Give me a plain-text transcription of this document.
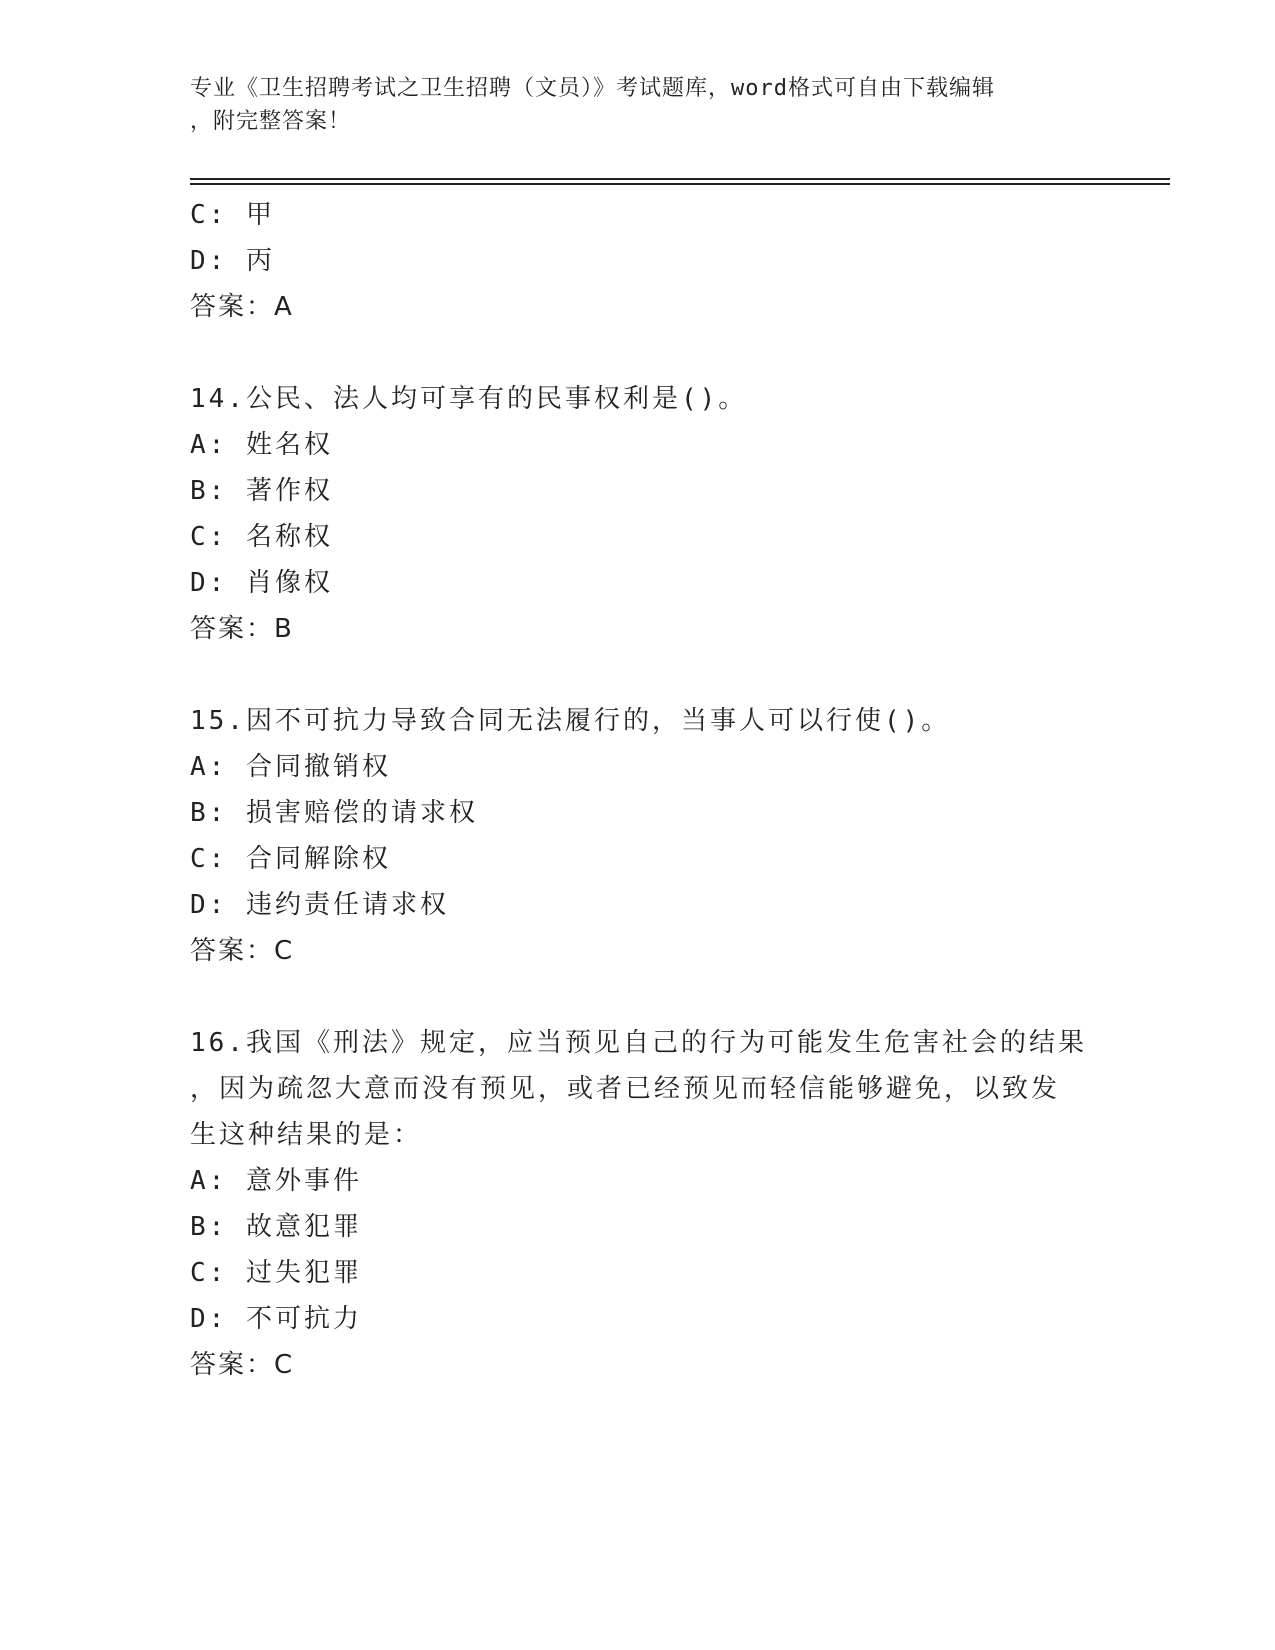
专业《卫生招聘考试之卫生招聘（文员）》考试题库，word格式可自由下载编辑
，附完整答案！
C: 甲
D: 丙
答案：A
14.公民、法人均可享有的民事权利是()。
A: 姓名权
B: 著作权
C: 名称权
D: 肖像权
答案：B
15.因不可抗力导致合同无法履行的，当事人可以行使()。
A: 合同撤销权
B: 损害赔偿的请求权
C: 合同解除权
D: 违约责任请求权
答案：C
16.我国《刑法》规定，应当预见自己的行为可能发生危害社会的结果
，因为疏忽大意而没有预见，或者已经预见而轻信能够避免，以致发
生这种结果的是：
A: 意外事件
B: 故意犯罪
C: 过失犯罪
D: 不可抗力
答案：C
